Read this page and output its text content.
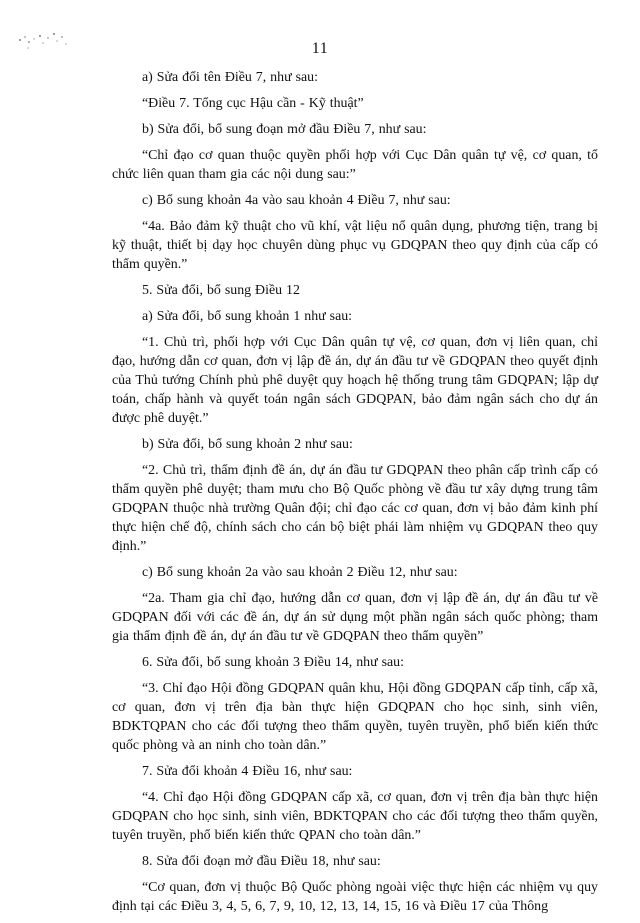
11

a) Sửa đổi tên Điều 7, như sau:

“Điều 7. Tổng cục Hậu cần - Kỹ thuật”

b) Sửa đổi, bổ sung đoạn mở đầu Điều 7, như sau:

“Chỉ đạo cơ quan thuộc quyền phối hợp với Cục Dân quân tự vệ, cơ quan, tổ chức liên quan tham gia các nội dung sau:”

c) Bổ sung khoản 4a vào sau khoản 4 Điều 7, như sau:

“4a. Bảo đảm kỹ thuật cho vũ khí, vật liệu nổ quân dụng, phương tiện, trang bị kỹ thuật, thiết bị dạy học chuyên dùng phục vụ GDQPAN theo quy định của cấp có thẩm quyền.”

5. Sửa đổi, bổ sung Điều 12

a) Sửa đổi, bổ sung khoản 1 như sau:

“1. Chủ trì, phối hợp với Cục Dân quân tự vệ, cơ quan, đơn vị liên quan, chỉ đạo, hướng dẫn cơ quan, đơn vị lập đề án, dự án đầu tư về GDQPAN theo quyết định của Thủ tướng Chính phủ phê duyệt quy hoạch hệ thống trung tâm GDQPAN; lập dự toán, chấp hành và quyết toán ngân sách GDQPAN, bảo đảm ngân sách cho dự án được phê duyệt.”

b) Sửa đổi, bổ sung khoản 2 như sau:

“2. Chủ trì, thẩm định đề án, dự án đầu tư GDQPAN theo phân cấp trình cấp có thẩm quyền phê duyệt; tham mưu cho Bộ Quốc phòng về đầu tư xây dựng trung tâm GDQPAN thuộc nhà trường Quân đội; chỉ đạo các cơ quan, đơn vị bảo đảm kinh phí thực hiện chế độ, chính sách cho cán bộ biệt phái làm nhiệm vụ GDQPAN theo quy định.”

c) Bổ sung khoản 2a vào sau khoản 2 Điều 12, như sau:

“2a. Tham gia chỉ đạo, hướng dẫn cơ quan, đơn vị lập đề án, dự án đầu tư về GDQPAN đối với các đề án, dự án sử dụng một phần ngân sách quốc phòng; tham gia thẩm định đề án, dự án đầu tư về GDQPAN theo thẩm quyền”

6. Sửa đổi, bổ sung khoản 3 Điều 14, như sau:

“3. Chỉ đạo Hội đồng GDQPAN quân khu, Hội đồng GDQPAN cấp tỉnh, cấp xã, cơ quan, đơn vị trên địa bàn thực hiện GDQPAN cho học sinh, sinh viên, BDKTQPAN cho các đối tượng theo thẩm quyền, tuyên truyền, phổ biến kiến thức quốc phòng và an ninh cho toàn dân.”

7. Sửa đổi khoản 4 Điều 16, như sau:

“4. Chỉ đạo Hội đồng GDQPAN cấp xã, cơ quan, đơn vị trên địa bàn thực hiện GDQPAN cho học sinh, sinh viên, BDKTQPAN cho các đối tượng theo thẩm quyền, tuyên truyền, phổ biến kiến thức QPAN cho toàn dân.”

8. Sửa đổi đoạn mở đầu Điều 18, như sau:

“Cơ quan, đơn vị thuộc Bộ Quốc phòng ngoài việc thực hiện các nhiệm vụ quy định tại các Điều 3, 4, 5, 6, 7, 9, 10, 12, 13, 14, 15, 16 và Điều 17 của Thông
